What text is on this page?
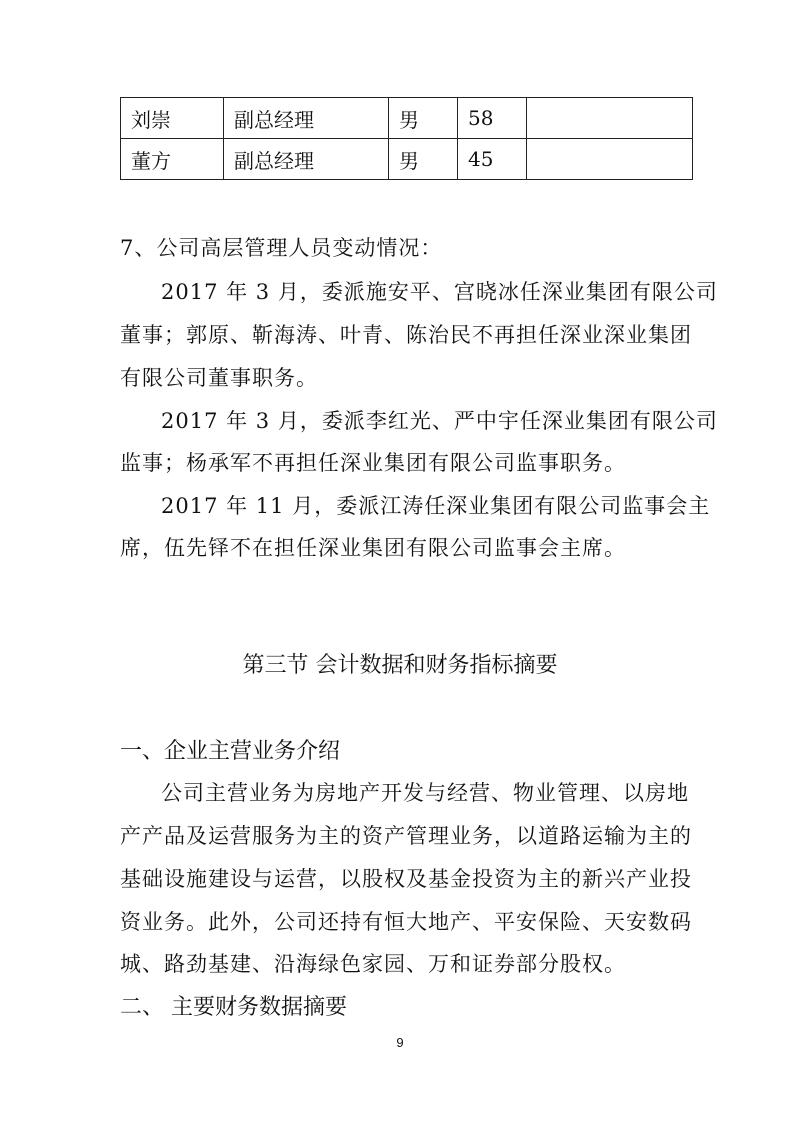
刘崇	副总经理	男	58	
董方	副总经理	男	45	
7、公司高层管理人员变动情况：
2017 年 3 月，委派施安平、宫晓冰任深业集团有限公司
董事；郭原、靳海涛、叶青、陈治民不再担任深业深业集团
有限公司董事职务。
2017 年 3 月，委派李红光、严中宇任深业集团有限公司
监事；杨承军不再担任深业集团有限公司监事职务。
2017 年 11 月，委派江涛任深业集团有限公司监事会主
席，伍先铎不在担任深业集团有限公司监事会主席。
第三节 会计数据和财务指标摘要
一、企业主营业务介绍
公司主营业务为房地产开发与经营、物业管理、以房地
产产品及运营服务为主的资产管理业务，以道路运输为主的
基础设施建设与运营，以股权及基金投资为主的新兴产业投
资业务。此外，公司还持有恒大地产、平安保险、天安数码
城、路劲基建、沿海绿色家园、万和证券部分股权。
二、 主要财务数据摘要
9
